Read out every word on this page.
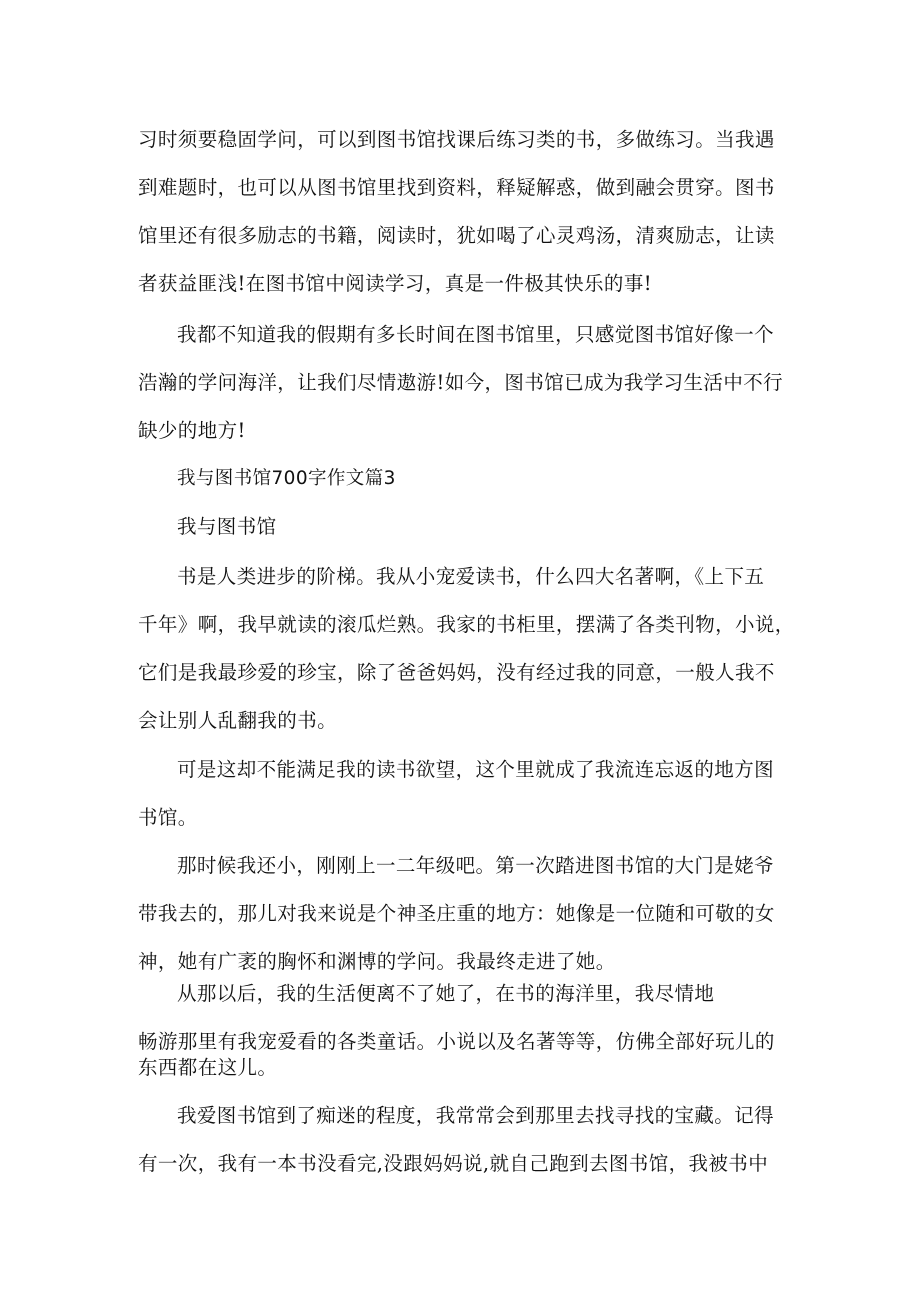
习时须要稳固学问，可以到图书馆找课后练习类的书，多做练习。当我遇

到难题时，也可以从图书馆里找到资料，释疑解惑，做到融会贯穿。图书

馆里还有很多励志的书籍，阅读时，犹如喝了心灵鸡汤，清爽励志，让读

者获益匪浅!在图书馆中阅读学习，真是一件极其快乐的事!

我都不知道我的假期有多长时间在图书馆里，只感觉图书馆好像一个

浩瀚的学问海洋，让我们尽情遨游!如今，图书馆已成为我学习生活中不行

缺少的地方!

我与图书馆700字作文篇3

我与图书馆

书是人类进步的阶梯。我从小宠爱读书，什么四大名著啊，《上下五

千年》啊，我早就读的滚瓜烂熟。我家的书柜里，摆满了各类刊物，小说，

它们是我最珍爱的珍宝，除了爸爸妈妈，没有经过我的同意，一般人我不

会让别人乱翻我的书。

可是这却不能满足我的读书欲望，这个里就成了我流连忘返的地方图

书馆。

那时候我还小，刚刚上一二年级吧。第一次踏进图书馆的大门是姥爷

带我去的，那儿对我来说是个神圣庄重的地方：她像是一位随和可敬的女

神，她有广袤的胸怀和渊博的学问。我最终走进了她。

从那以后，我的生活便离不了她了，在书的海洋里，我尽情地

畅游那里有我宠爱看的各类童话。小说以及名著等等，仿佛全部好玩儿的

东西都在这儿。

我爱图书馆到了痴迷的程度，我常常会到那里去找寻找的宝藏。记得

有一次，我有一本书没看完,没跟妈妈说,就自己跑到去图书馆，我被书中
